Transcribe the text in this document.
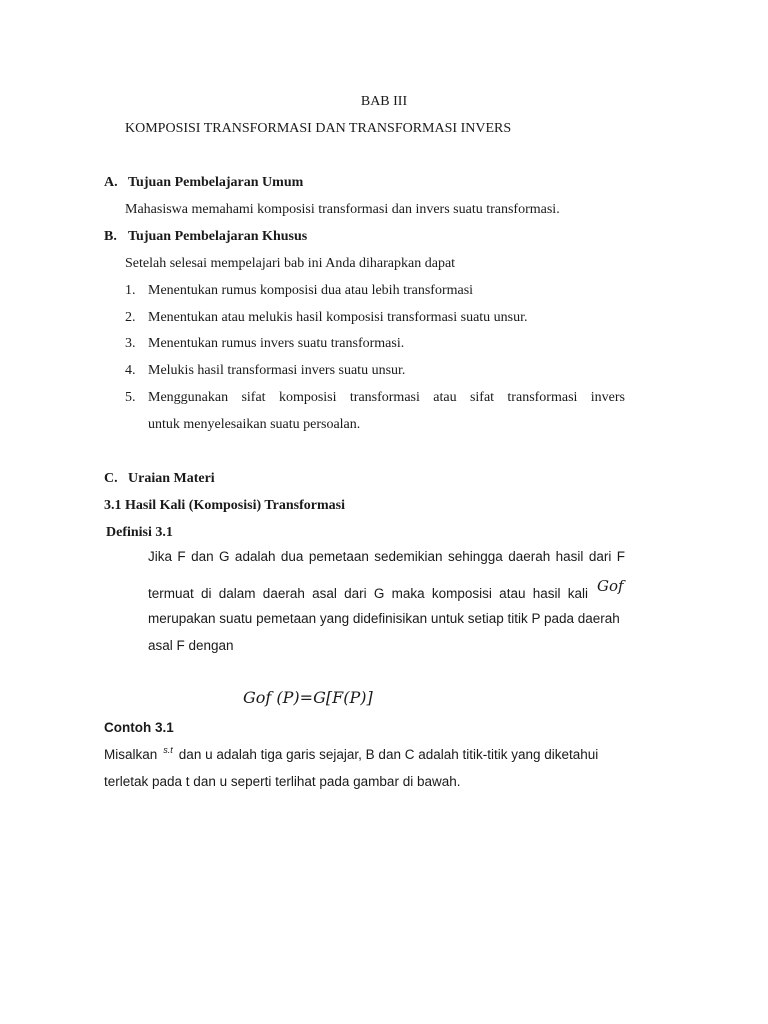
BAB III
KOMPOSISI TRANSFORMASI DAN TRANSFORMASI INVERS
A. Tujuan Pembelajaran Umum
Mahasiswa memahami komposisi transformasi dan invers suatu transformasi.
B. Tujuan Pembelajaran Khusus
Setelah selesai mempelajari bab ini Anda diharapkan dapat
1. Menentukan rumus komposisi dua atau lebih transformasi
2. Menentukan atau melukis hasil komposisi transformasi suatu unsur.
3. Menentukan rumus invers suatu transformasi.
4. Melukis hasil transformasi invers suatu unsur.
5. Menggunakan sifat komposisi transformasi atau sifat transformasi invers
untuk menyelesaikan suatu persoalan.
C. Uraian Materi
3.1 Hasil Kali (Komposisi) Transformasi
Definisi 3.1
Jika F dan G adalah dua pemetaan sedemikian sehingga daerah hasil dari F
termuat di dalam daerah asal dari G maka komposisi atau hasil kali Gof
merupakan suatu pemetaan yang didefinisikan untuk setiap titik P pada daerah
asal F dengan
Gof (P)=G[F(P)]
Contoh 3.1
Misalkan $^{s.t}$ dan u adalah tiga garis sejajar, B dan C adalah titik-titik yang diketahui
terletak pada t dan u seperti terlihat pada gambar di bawah.
